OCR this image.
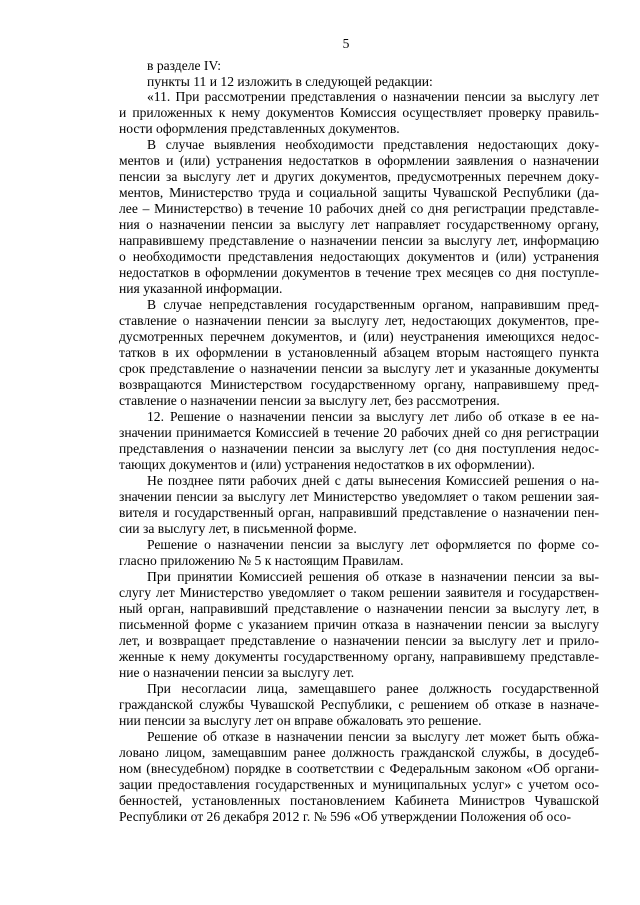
5
в разделе IV:
пункты 11 и 12 изложить в следующей редакции:
«11. При рассмотрении представления о назначении пенсии за выслугу лет
и приложенных к нему документов Комиссия осуществляет проверку правиль-
ности оформления представленных документов.
В случае выявления необходимости представления недостающих доку-
ментов и (или) устранения недостатков в оформлении заявления о назначении
пенсии за выслугу лет и других документов, предусмотренных перечнем доку-
ментов, Министерство труда и социальной защиты Чувашской Республики (да-
лее – Министерство) в течение 10 рабочих дней со дня регистрации представле-
ния о назначении пенсии за выслугу лет направляет государственному органу,
направившему представление о назначении пенсии за выслугу лет, информацию
о необходимости представления недостающих документов и (или) устранения
недостатков в оформлении документов в течение трех месяцев со дня поступле-
ния указанной информации.
В случае непредставления государственным органом, направившим пред-
ставление о назначении пенсии за выслугу лет, недостающих документов, пре-
дусмотренных перечнем документов, и (или) неустранения имеющихся недос-
татков в их оформлении в установленный абзацем вторым настоящего пункта
срок представление о назначении пенсии за выслугу лет и указанные документы
возвращаются Министерством государственному органу, направившему пред-
ставление о назначении пенсии за выслугу лет, без рассмотрения.
12. Решение о назначении пенсии за выслугу лет либо об отказе в ее на-
значении принимается Комиссией в течение 20 рабочих дней со дня регистрации
представления о назначении пенсии за выслугу лет (со дня поступления недос-
тающих документов и (или) устранения недостатков в их оформлении).
Не позднее пяти рабочих дней с даты вынесения Комиссией решения о на-
значении пенсии за выслугу лет Министерство уведомляет о таком решении зая-
вителя и государственный орган, направивший представление о назначении пен-
сии за выслугу лет, в письменной форме.
Решение о назначении пенсии за выслугу лет оформляется по форме со-
гласно приложению № 5 к настоящим Правилам.
При принятии Комиссией решения об отказе в назначении пенсии за вы-
слугу лет Министерство уведомляет о таком решении заявителя и государствен-
ный орган, направивший представление о назначении пенсии за выслугу лет, в
письменной форме с указанием причин отказа в назначении пенсии за выслугу
лет, и возвращает представление о назначении пенсии за выслугу лет и прило-
женные к нему документы государственному органу, направившему представле-
ние о назначении пенсии за выслугу лет.
При несогласии лица, замещавшего ранее должность государственной
гражданской службы Чувашской Республики, с решением об отказе в назначе-
нии пенсии за выслугу лет он вправе обжаловать это решение.
Решение об отказе в назначении пенсии за выслугу лет может быть обжа-
ловано лицом, замещавшим ранее должность гражданской службы, в досудеб-
ном (внесудебном) порядке в соответствии с Федеральным законом «Об органи-
зации предоставления государственных и муниципальных услуг» с учетом осо-
бенностей, установленных постановлением Кабинета Министров Чувашской
Республики от 26 декабря 2012 г. № 596 «Об утверждении Положения об осо-
